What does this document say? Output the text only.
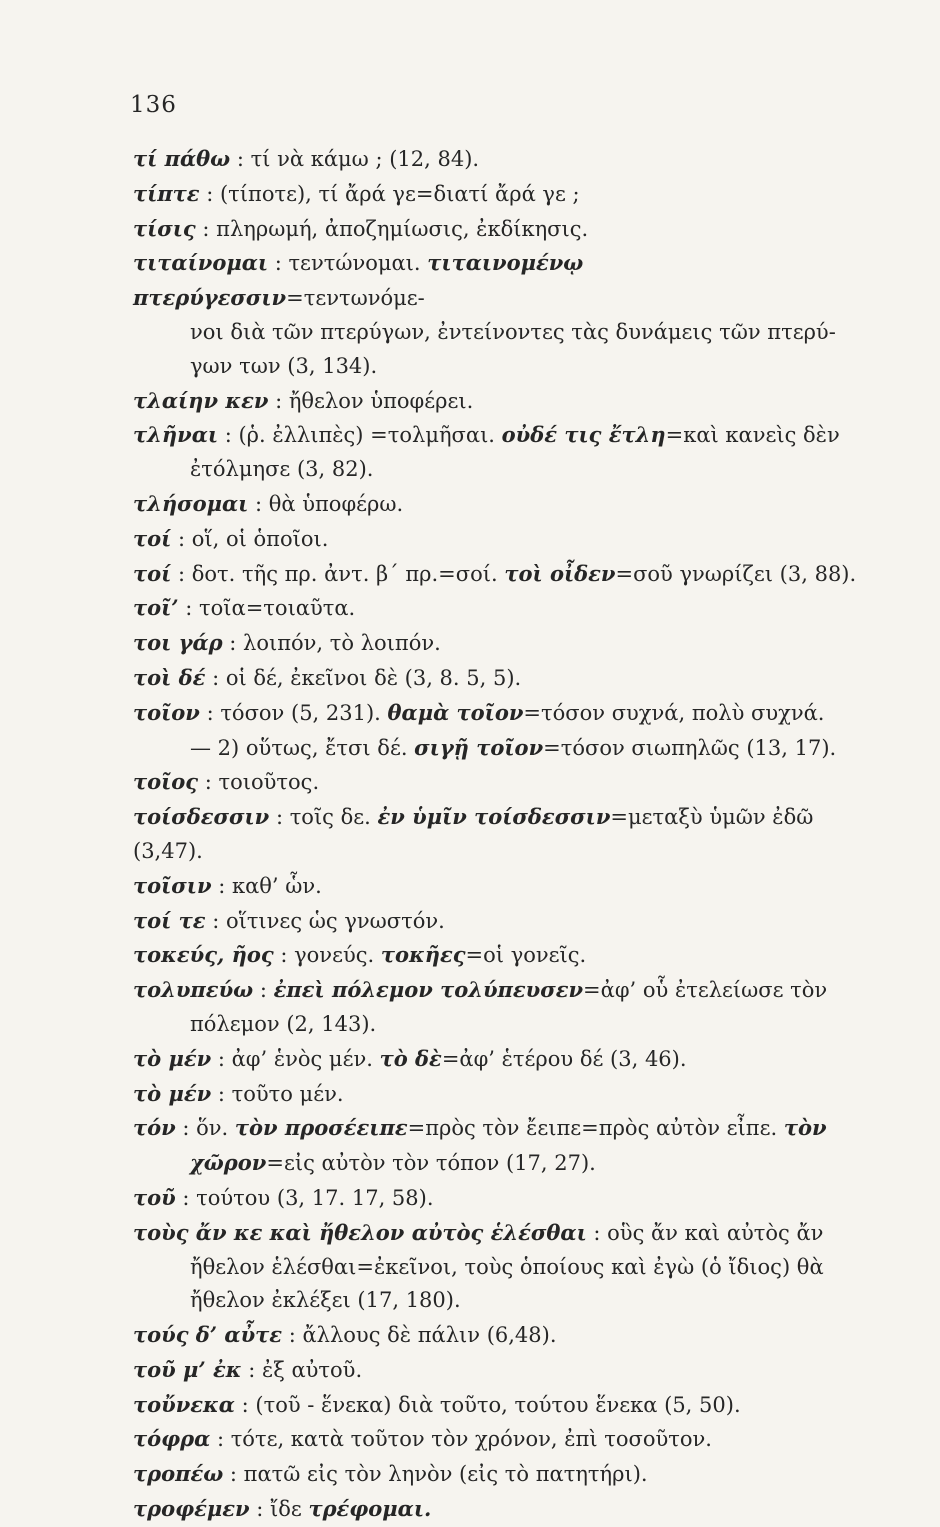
136
τί πάθω : τί νὰ κάμω ; (12, 84).
τίπτε : (τίποτε), τί ἄρά γε=διατί ἄρά γε ;
τίσις : πληρωμή, ἀποζημίωσις, ἐκδίκησις.
τιταίνομαι : τεντώνομαι. τιταινομένῳ πτερύγεσσιν=τεντωνόμε-
νοι διὰ τῶν πτερύγων, ἐντείνοντες τὰς δυνάμεις τῶν πτερύ-
γων των (3, 134).
τλαίην κεν : ἤθελον ὑποφέρει.
τλῆναι : (ῥ. ἐλλιπὲς) =τολμῆσαι. οὐδέ τις ἔτλη=καὶ κανεὶς δὲν
ἐτόλμησε (3, 82).
τλήσομαι : θὰ ὑποφέρω.
τοί : οἵ, οἱ ὁποῖοι.
τοί : δοτ. τῆς πρ. ἀντ. β΄ πρ.=σοί. τοὶ οἶδεν=σοῦ γνωρίζει (3, 88).
τοῖ’ : τοῖα=τοιαῦτα.
τοι γάρ : λοιπόν, τὸ λοιπόν.
τοὶ δέ : οἱ δέ, ἐκεῖνοι δὲ (3, 8. 5, 5).
τοῖον : τόσον (5, 231). θαμὰ τοῖον=τόσον συχνά, πολὺ συχνά.
— 2) οὕτως, ἔτσι δέ. σιγῇ τοῖον=τόσον σιωπηλῶς (13, 17).
τοῖος : τοιοῦτος.
τοίσδεσσιν : τοῖς δε. ἐν ὑμῖν τοίσδεσσιν=μεταξὺ ὑμῶν ἐδῶ (3,47).
τοῖσιν : καθ’ ὧν.
τοί τε : οἵτινες ὡς γνωστόν.
τοκεύς, ῆος : γονεύς. τοκῆες=οἱ γονεῖς.
τολυπεύω : ἐπεὶ πόλεμον τολύπευσεν=ἀφ’ οὗ ἐτελείωσε τὸν
πόλεμον (2, 143).
τὸ μέν : ἀφ’ ἑνὸς μέν. τὸ δὲ=ἀφ’ ἑτέρου δέ (3, 46).
τὸ μέν : τοῦτο μέν.
τόν : ὅν. τὸν προσέειπε=πρὸς τὸν ἔειπε=πρὸς αὐτὸν εἶπε. τὸν
χῶρον=εἰς αὐτὸν τὸν τόπον (17, 27).
τοῦ : τούτου (3, 17. 17, 58).
τοὺς ἄν κε καὶ ἤθελον αὐτὸς ἑλέσθαι : οὓς ἄν καὶ αὐτὸς ἄν
ἤθελον ἑλέσθαι=ἐκεῖνοι, τοὺς ὁποίους καὶ ἐγὼ (ὁ ἴδιος) θὰ
ἤθελον ἐκλέξει (17, 180).
τούς δ’ αὖτε : ἄλλους δὲ πάλιν (6,48).
τοῦ μ’ ἐκ : ἐξ αὐτοῦ.
τοὔνεκα : (τοῦ - ἕνεκα) διὰ τοῦτο, τούτου ἕνεκα (5, 50).
τόφρα : τότε, κατὰ τοῦτον τὸν χρόνον, ἐπὶ τοσοῦτον.
τροπέω : πατῶ εἰς τὸν ληνὸν (εἰς τὸ πατητήρι).
τροφέμεν : ἴδε τρέφομαι.
